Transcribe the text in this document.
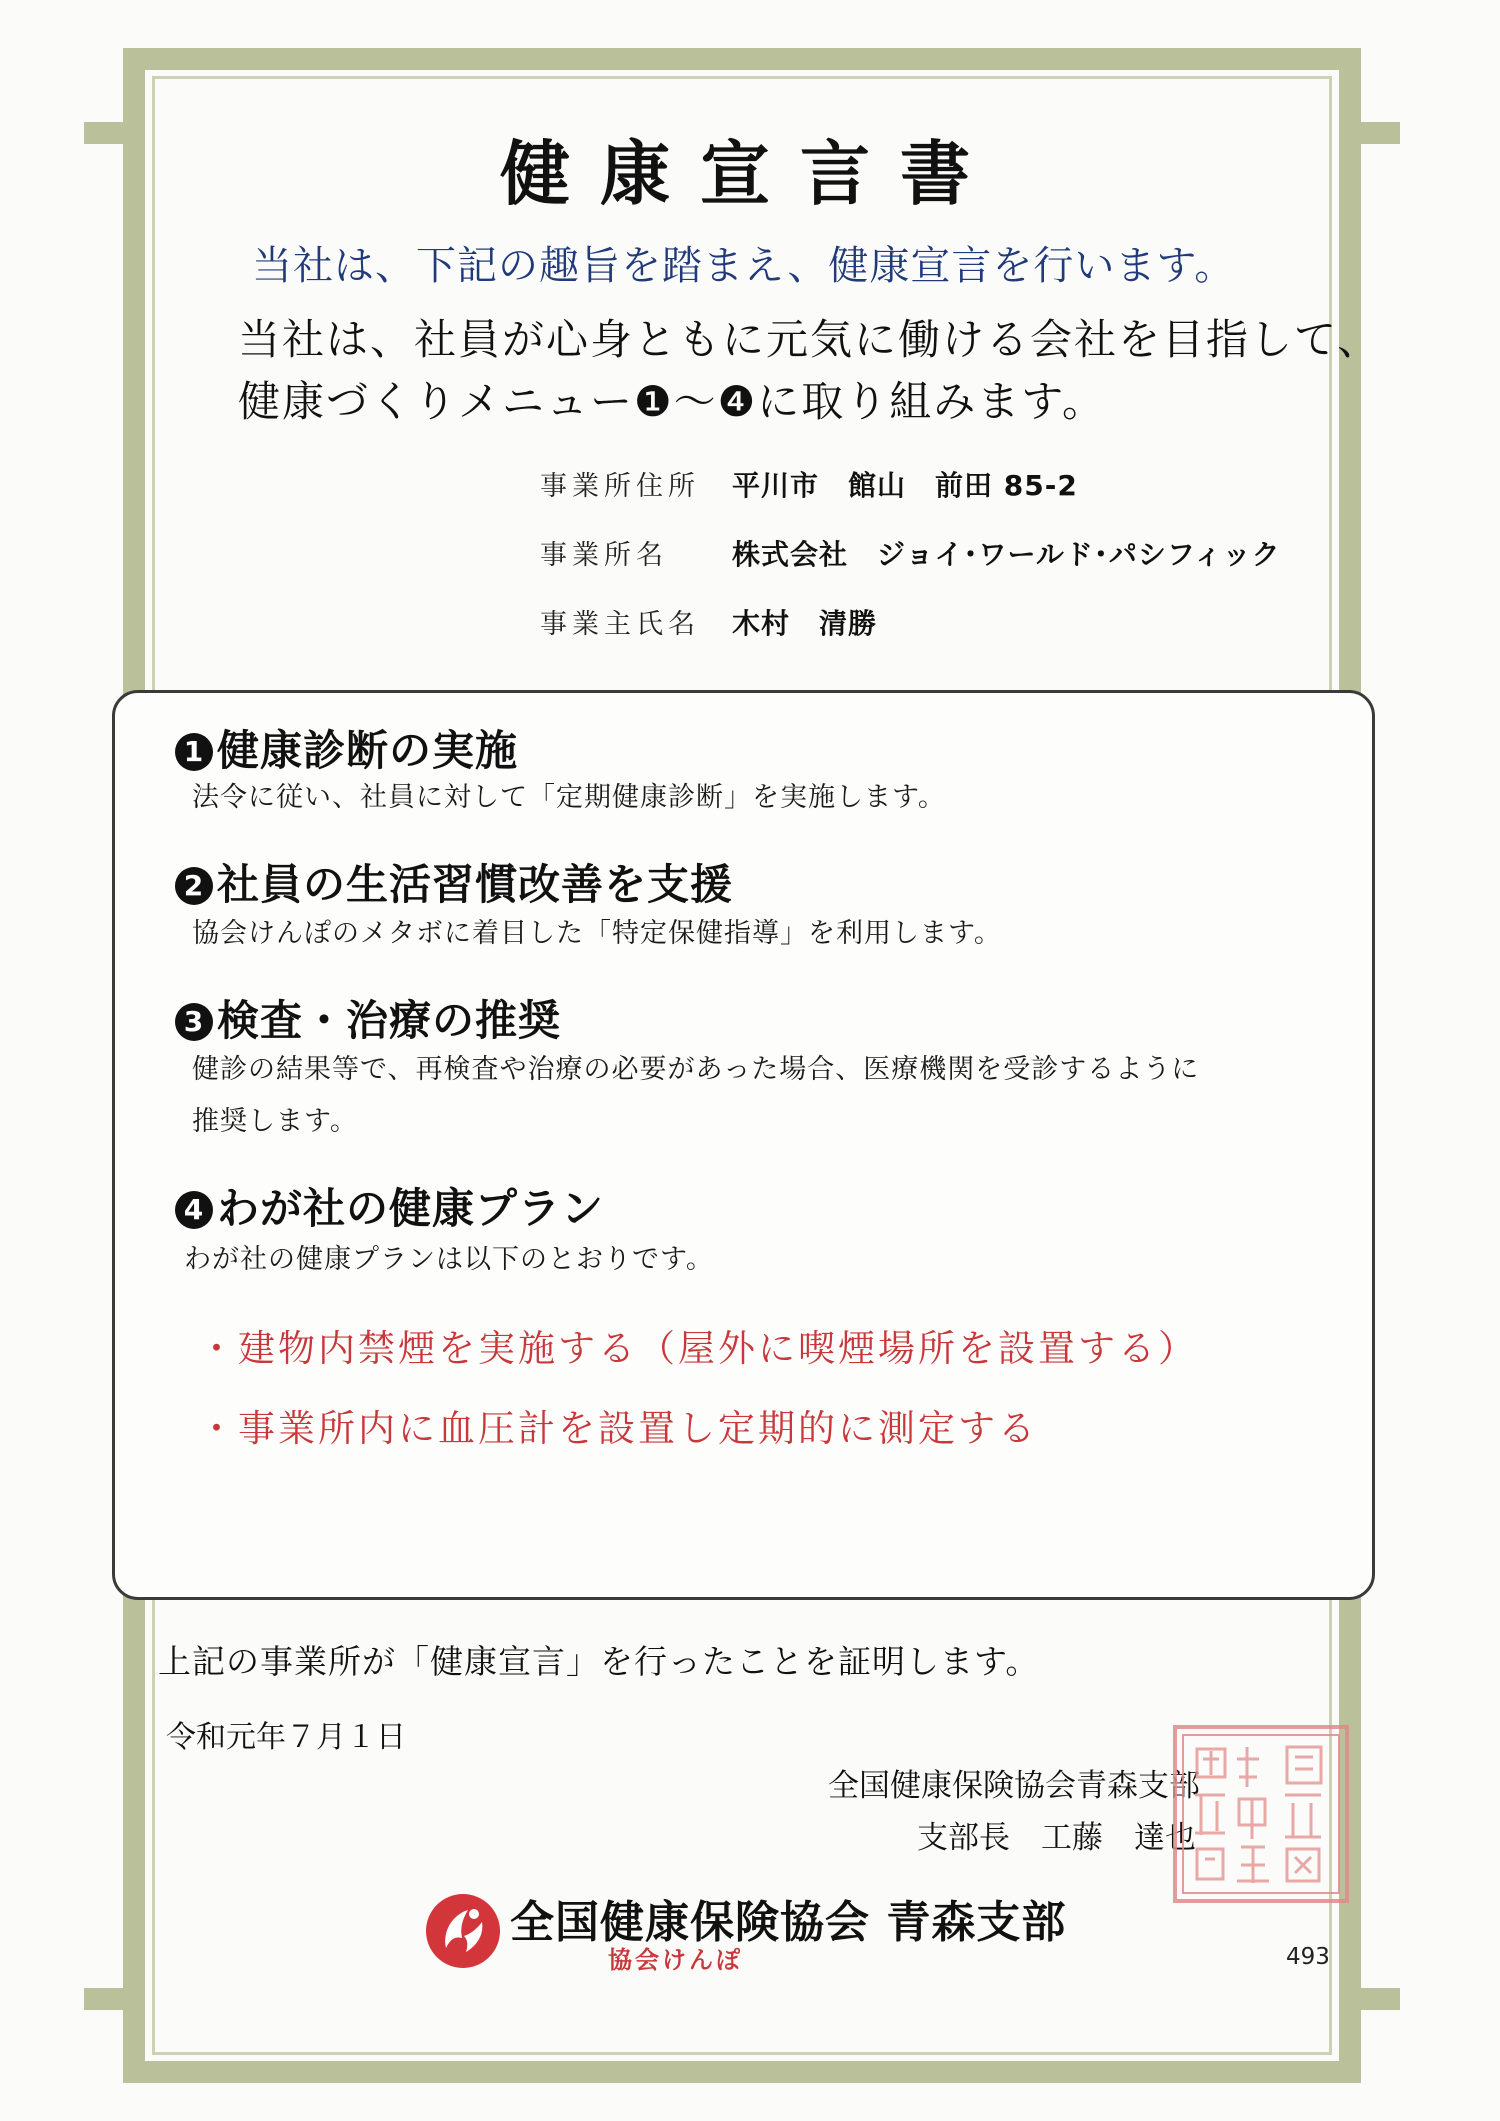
健康宣言書
当社は、下記の趣旨を踏まえ、健康宣言を行います。
当社は、社員が心身ともに元気に働ける会社を目指して、
健康づくりメニュー❶～❹に取り組みます。
事業所住所 平川市　館山　前田 85-2
事業所名 株式会社　ジョイ･ワールド･パシフィック
事業主氏名 木村　清勝
1 健康診断の実施
法令に従い、社員に対して「定期健康診断」を実施します。
2 社員の生活習慣改善を支援
協会けんぽのメタボに着目した「特定保健指導」を利用します。
3 検査・治療の推奨
健診の結果等で、再検査や治療の必要があった場合、医療機関を受診するように
推奨します。
4 わが社の健康プラン
わが社の健康プランは以下のとおりです。
・建物内禁煙を実施する（屋外に喫煙場所を設置する）
・事業所内に血圧計を設置し定期的に測定する
上記の事業所が「健康宣言」を行ったことを証明します。
令和元年７月１日
全国健康保険協会青森支部
支部長　工藤　達也
全国健康保険協会 青森支部
協会けんぽ	493
